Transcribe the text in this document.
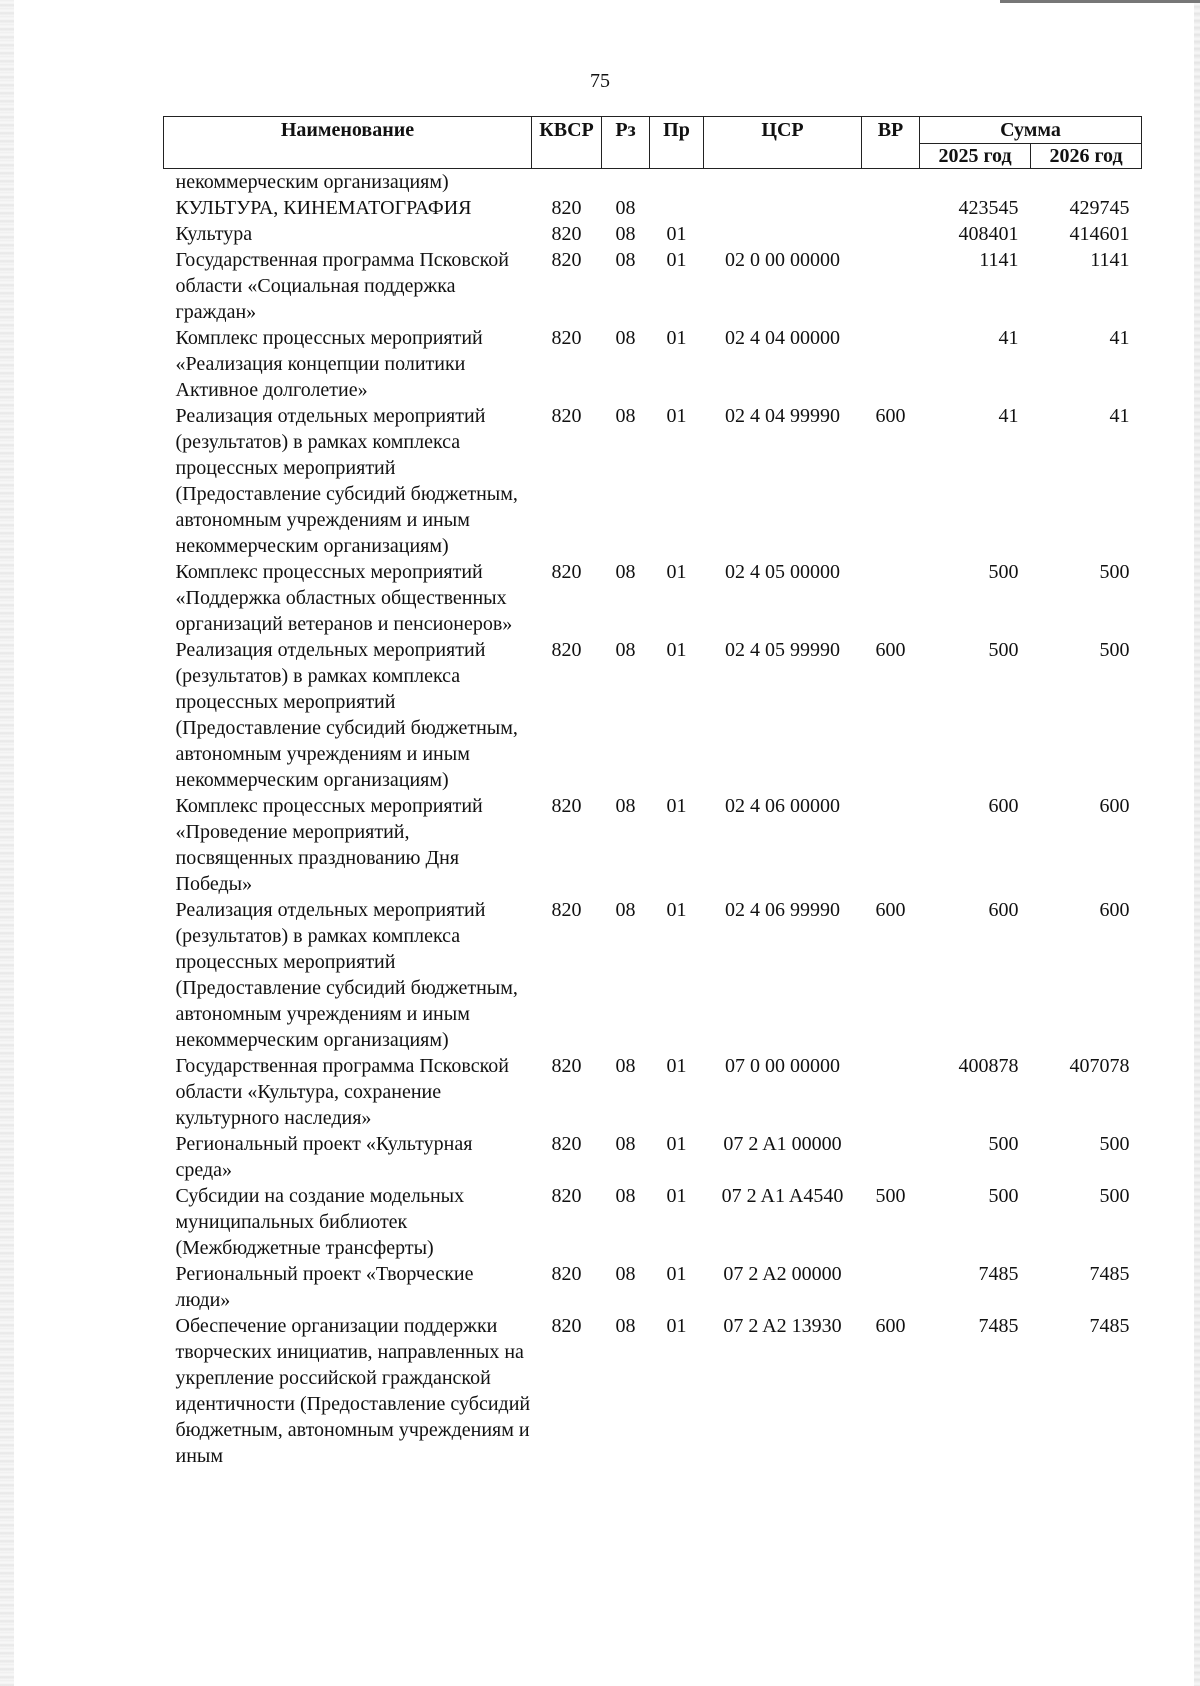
75
Наименование	КВСР	Рз	Пр	ЦСР	ВР	Сумма	
						2025 год	2026 год
некоммерческим организациям)							
КУЛЬТУРА, КИНЕМАТОГРАФИЯ	820	08				423545	429745
Культура	820	08	01			408401	414601
Государственная программа Псковской области «Социальная поддержка граждан»	820	08	01	02 0 00 00000		1141	1141
Комплекс процессных мероприятий «Реализация концепции политики Активное долголетие»	820	08	01	02 4 04 00000		41	41
Реализация отдельных мероприятий (результатов) в рамках комплекса процессных мероприятий (Предоставление субсидий бюджетным, автономным учреждениям и иным некоммерческим организациям)	820	08	01	02 4 04 99990	600	41	41
Комплекс процессных мероприятий «Поддержка областных общественных организаций ветеранов и пенсионеров»	820	08	01	02 4 05 00000		500	500
Реализация отдельных мероприятий (результатов) в рамках комплекса процессных мероприятий (Предоставление субсидий бюджетным, автономным учреждениям и иным некоммерческим организациям)	820	08	01	02 4 05 99990	600	500	500
Комплекс процессных мероприятий «Проведение мероприятий, посвященных празднованию Дня Победы»	820	08	01	02 4 06 00000		600	600
Реализация отдельных мероприятий (результатов) в рамках комплекса процессных мероприятий (Предоставление субсидий бюджетным, автономным учреждениям и иным некоммерческим организациям)	820	08	01	02 4 06 99990	600	600	600
Государственная программа Псковской области «Культура, сохранение культурного наследия»	820	08	01	07 0 00 00000		400878	407078
Региональный проект «Культурная среда»	820	08	01	07 2 A1 00000		500	500
Субсидии на создание модельных муниципальных библиотек (Межбюджетные трансферты)	820	08	01	07 2 A1 A4540	500	500	500
Региональный проект «Творческие люди»	820	08	01	07 2 A2 00000		7485	7485
Обеспечение организации поддержки творческих инициатив, направленных на укрепление российской гражданской идентичности (Предоставление субсидий бюджетным, автономным учреждениям и иным	820	08	01	07 2 A2 13930	600	7485	7485
